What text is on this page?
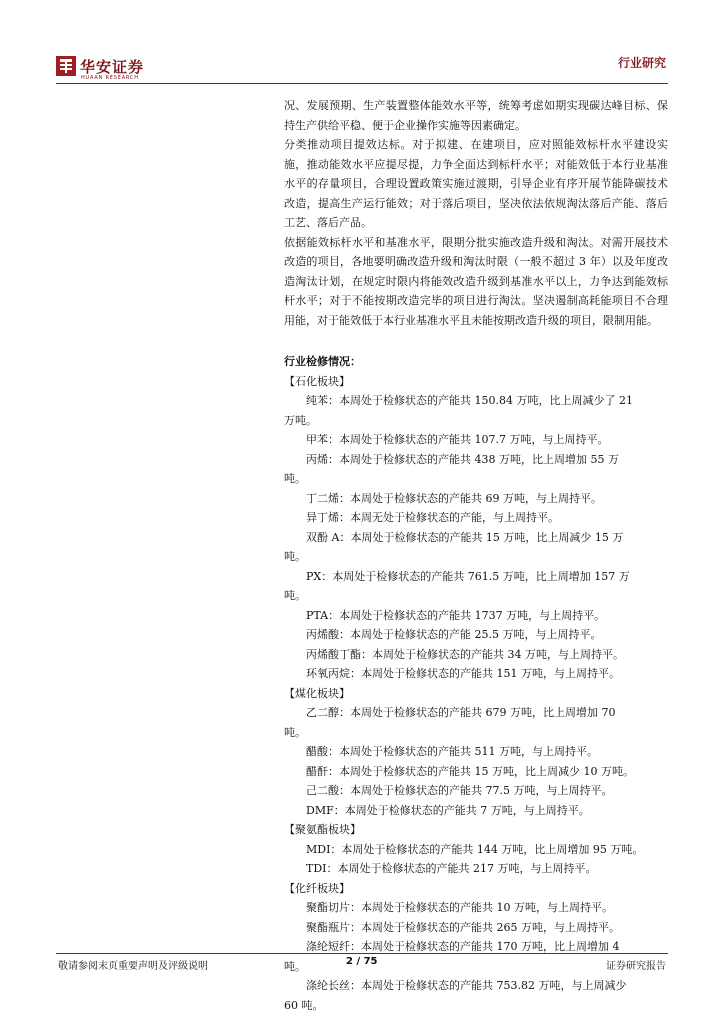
华安证券
HUAAN RESEARCH
行业研究

况、发展预期、生产装置整体能效水平等，统筹考虑如期实现碳达峰目标、保持生产供给平稳、便于企业操作实施等因素确定。

分类推动项目提效达标。对于拟建、在建项目，应对照能效标杆水平建设实施，推动能效水平应提尽提，力争全面达到标杆水平；对能效低于本行业基准水平的存量项目，合理设置政策实施过渡期，引导企业有序开展节能降碳技术改造，提高生产运行能效；对于落后项目，坚决依法依规淘汰落后产能、落后工艺、落后产品。

依据能效标杆水平和基准水平，限期分批实施改造升级和淘汰。对需开展技术改造的项目，各地要明确改造升级和淘汰时限（一般不超过 3 年）以及年度改造淘汰计划，在规定时限内将能效改造升级到基准水平以上，力争达到能效标杆水平；对于不能按期改造完毕的项目进行淘汰。坚决遏制高耗能项目不合理用能，对于能效低于本行业基准水平且未能按期改造升级的项目，限制用能。

行业检修情况：

【石化板块】

纯苯：本周处于检修状态的产能共 150.84 万吨，比上周减少了 21

万吨。

甲苯：本周处于检修状态的产能共 107.7 万吨，与上周持平。

丙烯：本周处于检修状态的产能共 438 万吨，比上周增加 55 万

吨。

丁二烯：本周处于检修状态的产能共 69 万吨，与上周持平。

异丁烯：本周无处于检修状态的产能，与上周持平。

双酚 A：本周处于检修状态的产能共 15 万吨，比上周减少 15 万

吨。

PX：本周处于检修状态的产能共 761.5 万吨，比上周增加 157 万

吨。

PTA：本周处于检修状态的产能共 1737 万吨，与上周持平。

丙烯酸：本周处于检修状态的产能 25.5 万吨，与上周持平。

丙烯酸丁酯：本周处于检修状态的产能共 34 万吨，与上周持平。

环氧丙烷：本周处于检修状态的产能共 151 万吨，与上周持平。

【煤化板块】

乙二醇：本周处于检修状态的产能共 679 万吨，比上周增加 70

吨。

醋酸：本周处于检修状态的产能共 511 万吨，与上周持平。

醋酐：本周处于检修状态的产能共 15 万吨，比上周减少 10 万吨。

己二酸：本周处于检修状态的产能共 77.5 万吨，与上周持平。

DMF：本周处于检修状态的产能共 7 万吨，与上周持平。

【聚氨酯板块】

MDI：本周处于检修状态的产能共 144 万吨，比上周增加 95 万吨。

TDI：本周处于检修状态的产能共 217 万吨，与上周持平。

【化纤板块】

聚酯切片：本周处于检修状态的产能共 10 万吨，与上周持平。

聚酯瓶片：本周处于检修状态的产能共 265 万吨，与上周持平。

涤纶短纤：本周处于检修状态的产能共 170 万吨，比上周增加 4

吨。

涤纶长丝：本周处于检修状态的产能共 753.82 万吨，与上周减少

60 吨。

敬请参阅末页重要声明及评级说明	2 / 75	证券研究报告
